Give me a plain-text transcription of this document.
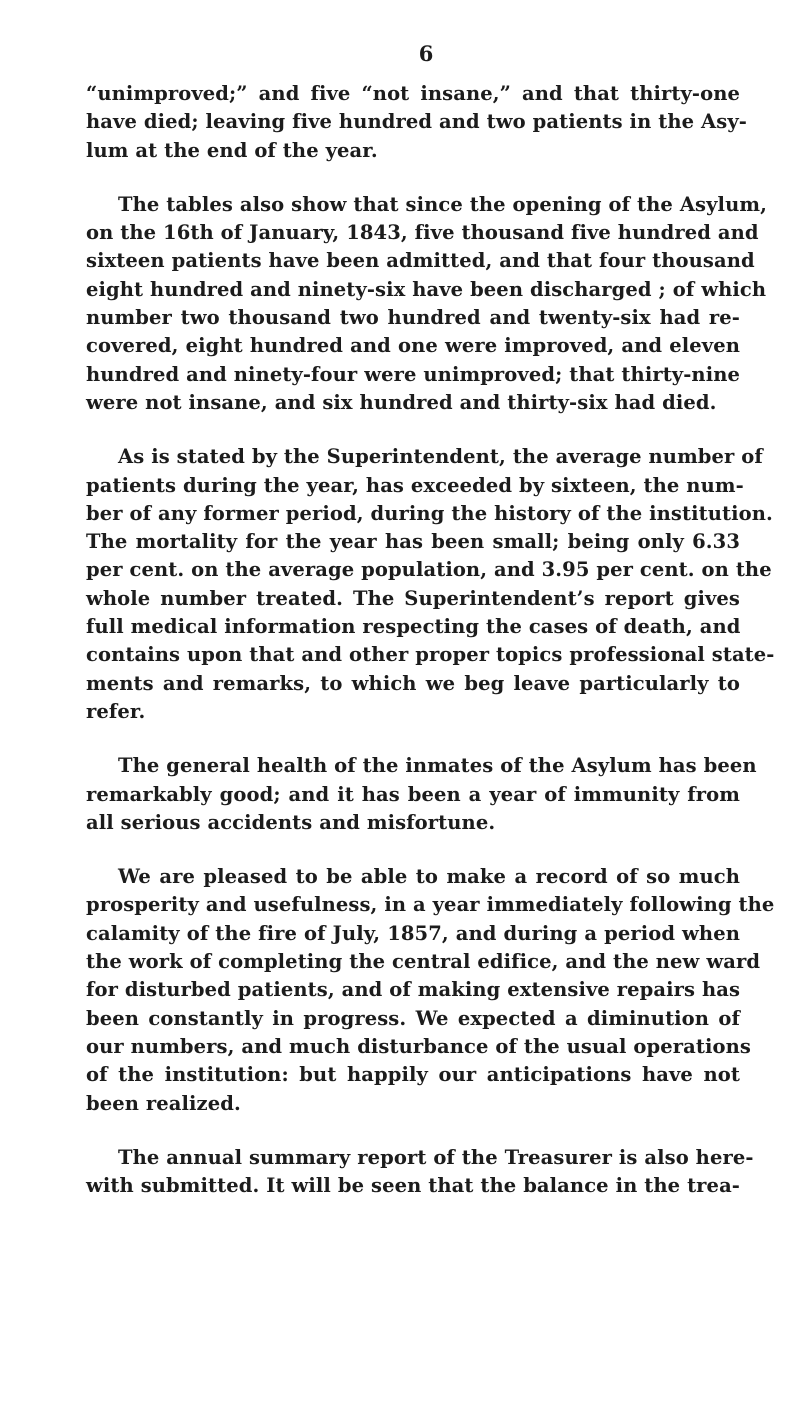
6

“unimproved;” and five “not insane,” and that thirty-one
have died; leaving five hundred and two patients in the Asy-
lum at the end of the year.

The tables also show that since the opening of the Asylum,
on the 16th of January, 1843, five thousand five hundred and
sixteen patients have been admitted, and that four thousand
eight hundred and ninety-six have been discharged ; of which
number two thousand two hundred and twenty-six had re-
covered, eight hundred and one were improved, and eleven
hundred and ninety-four were unimproved; that thirty-nine
were not insane, and six hundred and thirty-six had died.

As is stated by the Superintendent, the average number of
patients during the year, has exceeded by sixteen, the num-
ber of any former period, during the history of the institution.
The mortality for the year has been small; being only 6.33
per cent. on the average population, and 3.95 per cent. on the
whole number treated. The Superintendent’s report gives
full medical information respecting the cases of death, and
contains upon that and other proper topics professional state-
ments and remarks, to which we beg leave particularly to
refer.

The general health of the inmates of the Asylum has been
remarkably good; and it has been a year of immunity from
all serious accidents and misfortune.

We are pleased to be able to make a record of so much
prosperity and usefulness, in a year immediately following the
calamity of the fire of July, 1857, and during a period when
the work of completing the central edifice, and the new ward
for disturbed patients, and of making extensive repairs has
been constantly in progress. We expected a diminution of
our numbers, and much disturbance of the usual operations
of the institution: but happily our anticipations have not
been realized.

The annual summary report of the Treasurer is also here-
with submitted. It will be seen that the balance in the trea-
